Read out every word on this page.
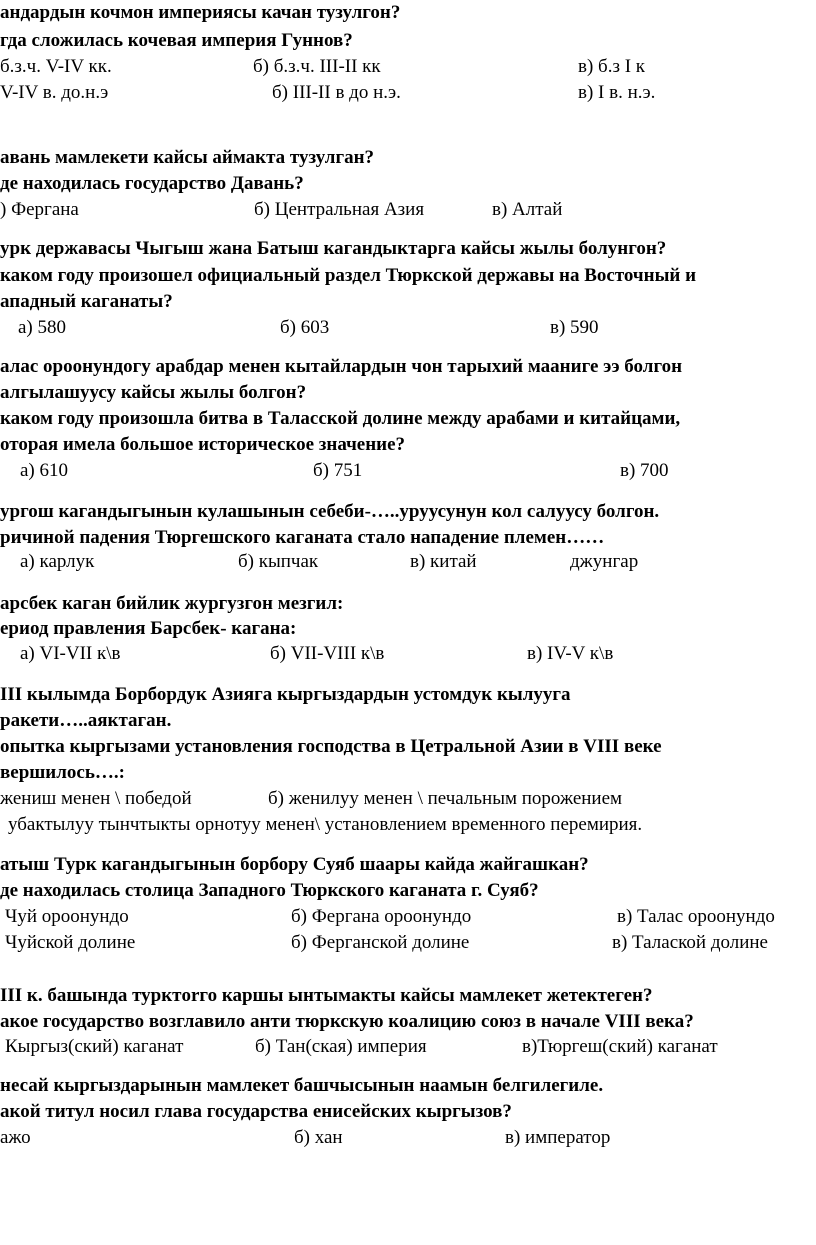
андардын кочмон империясы качан тузулгон?
гда сложилась кочевая империя Гуннов?
б.з.ч. V-IV кк.	б) б.з.ч. III-II кк	в) б.з I к
V-IV в. до.н.э	б) III-II в до н.э.	в) I в. н.э.
авань мамлекети кайсы аймакта тузулган?
де находилась государство Давань?
) Фергана	б) Центральная Азия	в) Алтай
урк державасы Чыгыш жана Батыш кагандыктарга кайсы жылы болунгон?
каком году произошел официальный раздел Тюркской державы на Восточный и
ападный каганаты?
а) 580	б) 603	в) 590
алас ороонундогу арабдар менен кытайлардын чон тарыхий мааниге ээ болгон
алгылашуусу кайсы жылы болгон?
каком году произошла битва в Таласской долине между арабами и китайцами,
оторая имела большое историческое значение?
а) 610	б) 751	в) 700
ургош кагандыгынын кулашынын себеби-…..уруусунун кол салуусу болгон.
ричиной падения Тюргешского каганата стало нападение племен……
а) карлук	б) кыпчак	в) китай	джунгар
арсбек каган бийлик жургузгон мезгил:
ериод правления Барсбек- кагана:
а) VI-VII к\в	б) VII-VIII к\в	в) IV-V к\в
III кылымда Борбордук Азияга кыргыздардын устомдук кылууга
ракети…..аяктаган.
опытка кыргызами установления господства в Цетральной Азии в VIII веке
вершилось….:
жениш менен \ победой	б) женилуу менен \ печальным порожением
убактылуу тынчтыкты орнотуу менен\ установлением временного перемирия.
атыш Турк кагандыгынын борбору Суяб шаары кайда жайгашкан?
де находилась столица Западного Тюркского каганата г. Суяб?
Чуй ороонундо	б) Фергана ороонундо	в) Талас ороонундо
Чуйской долине	б) Ферганской долине	в) Талаской долине
III к. башында турктorго каршы ынтымакты кайсы мамлекет жетектеген?
акое государство возглавило анти тюркскую коалицию союз в начале VIII века?
Кыргыз(ский) каганат	б) Тан(ская) империя	в)Тюргеш(ский) каганат
несай кыргыздарынын мамлекет башчысынын наамын белгилегиле.
акой титул носил глава государства енисейских кыргызов?
ажо	б) хан	в) император
